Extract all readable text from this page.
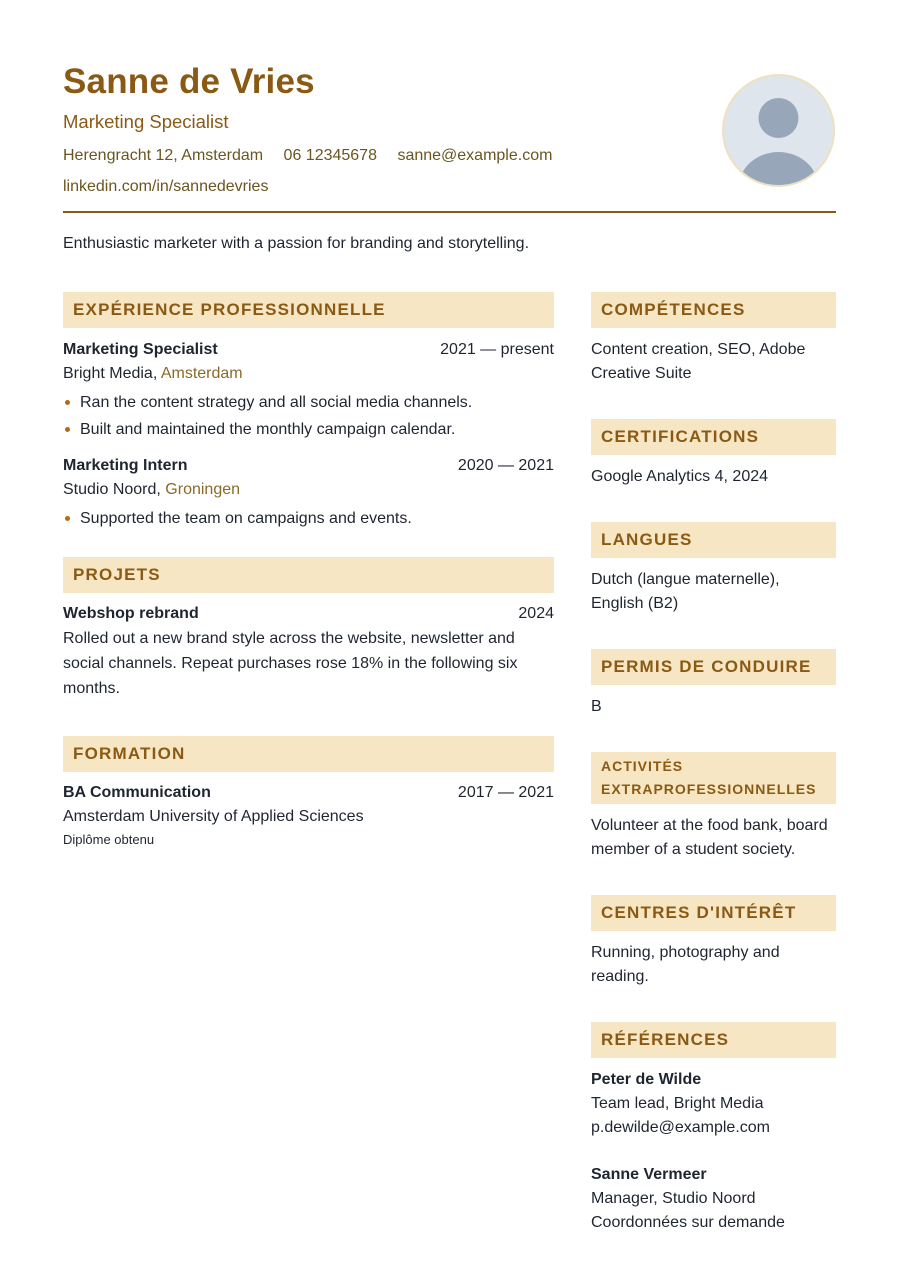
Sanne de Vries
Marketing Specialist
Herengracht 12, Amsterdam 06 12345678 sanne@example.com
linkedin.com/in/sannedevries
Enthusiastic marketer with a passion for branding and storytelling.
EXPÉRIENCE PROFESSIONNELLE
Marketing Specialist	2021 — present
Bright Media, Amsterdam
Ran the content strategy and all social media channels.
Built and maintained the monthly campaign calendar.
Marketing Intern	2020 — 2021
Studio Noord, Groningen
Supported the team on campaigns and events.
PROJETS
Webshop rebrand	2024
Rolled out a new brand style across the website, newsletter and social channels. Repeat purchases rose 18% in the following six months.
FORMATION
BA Communication	2017 — 2021
Amsterdam University of Applied Sciences
Diplôme obtenu
COMPÉTENCES
Content creation, SEO, Adobe Creative Suite
CERTIFICATIONS
Google Analytics 4, 2024
LANGUES
Dutch (langue maternelle), English (B2)
PERMIS DE CONDUIRE
B
ACTIVITÉS EXTRAPROFESSIONNELLES
Volunteer at the food bank, board member of a student society.
CENTRES D'INTÉRÊT
Running, photography and reading.
RÉFÉRENCES
Peter de Wilde
Team lead, Bright Media
p.dewilde@example.com
Sanne Vermeer
Manager, Studio Noord
Coordonnées sur demande
